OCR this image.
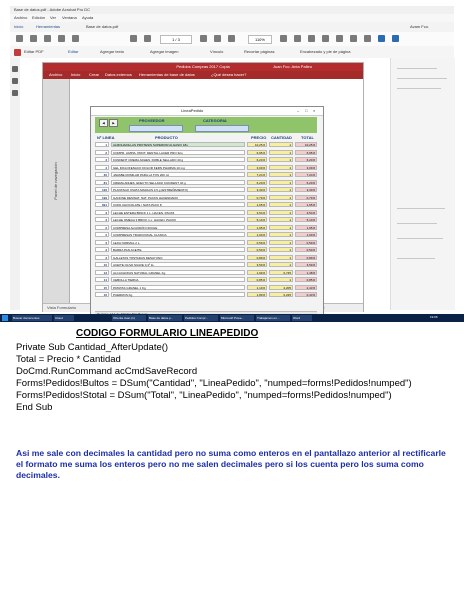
Base de datos.pdf - Adobe Acrobat Pro DC
Archivo Edición Ver Ventana Ayuda
Inicio	Herramientas	Base de datos.pdf	Avam Fco.
1 / 3	110%
Editar PDF	Editar	Agregar texto	Agregar imagen	Vínculo	Recortar páginas	Encabezado y pie de página
Pedidos Compras 2017 Copia	Juan Fco. Anta Palleo
Archivo Inicio Crear Datos externos Herramientas de base de datos	¿Qué desea hacer?
Panel de navegación
Vista Formulario
LineaPedido	– □ ×
◀	▶	PROVEEDOR	CATEGORIA
Nº LINEA	PRODUCTO	PRECIO CANTIDAD TOTAL
1	ALMOHADILLAS PROTESIS SUPERIOR ALGASIV 18u	10,25 €	1	10,25 €
2	COMPR. LIMPIA. PROT. DENTAL LACER PRO 32u	6,95 €	1	6,95 €
3	KUNDENT CREMA ADHES. DOBLE SELLADO 40 g	6,20 €	1	6,20 €
4	GEL DICLOFENACO DOLOR KERN PHARMA 10 mg	3,09 €	1	3,09 €
30	JARABE ROMILAR PARA LA TOS 200 ml	7,24 €	1	7,24 €
81	CREMA ADHES. EFECTO SELLADO KUKIDENT 40 g	6,20 €	1	6,20 €
126	PLANTAGO OVATA MADAUS 3,5 g (ESTREÑIMIENTO)	3,30 €	1	3,30 €
199	GANONE DESINAT. NAT. PACKS HACENDADO	0,79 €	1	0,79 €
691	COPA CHOCOLATE / NATA PACK 8	1,65 €	1	1,65 €
3	LECHE ENTERA BRICK 1 L. HACEN. PACK6	3,54 €	1	3,54 €
3	LECHE OMEGA 3 BRICK 1 L. HACEN. PACK6	5,10 €	1	5,10 €
2	COMPRESA ALGODÓN NOCHE	1,95 €	1	1,95 €
2	COMPRESAS TRADICIONAL CLASICA	1,00 €	1	1,00 €
3	LEJIA NORMAL 2 L.	0,59 €	1	0,59 €
3	BARRA PAN ACEITE	0,50 €	1	0,50 €
3	GALLETAS TOSTADAS DESAYUNO	0,89 €	1	0,89 €
10	ACEITE OLIVA SUAVE 0,4º 1L	3,59 €	1	3,59 €
13	ALCACHOFAS NATURAL GRANEL Kg	1,99 €	0,745	1,48 €
14	CEBOLLA TIERNA	0,85 €	1	0,85 €
15	PATATAS GRANEL 1 Kg	1,19 €	2,205	2,43 €
16	PUERROS Kg	1,89 €	0,225	0,43 €
Buscar documentos	Cloud	Ofrenta Juan (1)	Base de datos.p...	Pedidos Compr...	Microsoft Powe...	Trabajamos en...	Word	19:06
CODIGO FORMULARIO LINEAPEDIDO
Private Sub Cantidad_AfterUpdate()
Total = Precio * Cantidad
DoCmd.RunCommand acCmdSaveRecord
Forms!Pedidos!Bultos = DSum("Cantidad", "LineaPedido", "numped=forms!Pedidos!numped")
Forms!Pedidos!Stotal = DSum("Total", "LineaPedido", "numped=forms!Pedidos!numped")
End Sub
Asi me sale con decimales la cantidad pero no suma como enteros en el pantallazo anterior al rectificarle el formato me suma los enteros pero no me salen decimales pero si los cuenta pero los suma como decimales.
